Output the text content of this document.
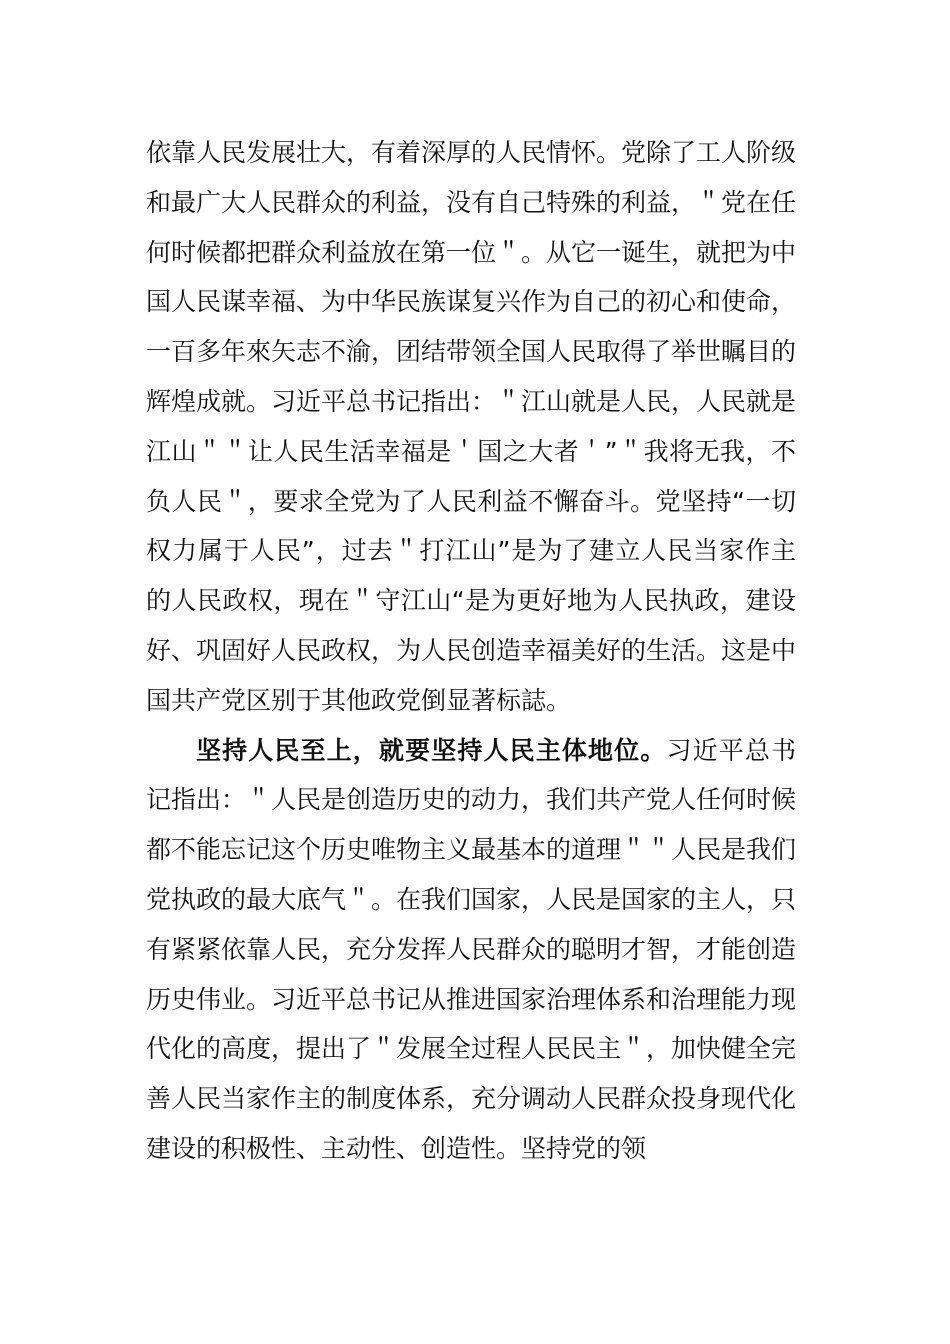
依靠人民发展壮大，有着深厚的人民情怀。党除了工人阶级和最广大人民群众的利益，没有自己特殊的利益，＂党在任何时候都把群众利益放在第一位＂。从它一诞生，就把为中国人民谋幸福、为中华民族谋复兴作为自己的初心和使命，一百多年來矢志不渝，团结带领全国人民取得了举世瞩目的辉煌成就。习近平总书记指出：＂江山就是人民，人民就是江山＂＂让人民生活幸福是＇国之大者＇”＂我将无我，不负人民＂，要求全党为了人民利益不懈奋斗。党坚持“一切权力属于人民”，过去＂打江山”是为了建立人民当家作主的人民政权，現在＂守江山“是为更好地为人民执政，建设好、巩固好人民政权，为人民创造幸福美好的生活。这是中国共产党区别于其他政党倒显著标誌。

坚持人民至上，就要坚持人民主体地位。习近平总书记指出：＂人民是创造历史的动力，我们共产党人任何时候都不能忘记这个历史唯物主义最基本的道理＂＂人民是我们党执政的最大底气＂。在我们国家，人民是国家的主人，只有紧紧依靠人民，充分发挥人民群众的聪明才智，才能创造历史伟业。习近平总书记从推进国家治理体系和治理能力现代化的高度，提出了＂发展全过程人民民主＂，加快健全完善人民当家作主的制度体系，充分调动人民群众投身现代化建设的积极性、主动性、创造性。坚持党的领
